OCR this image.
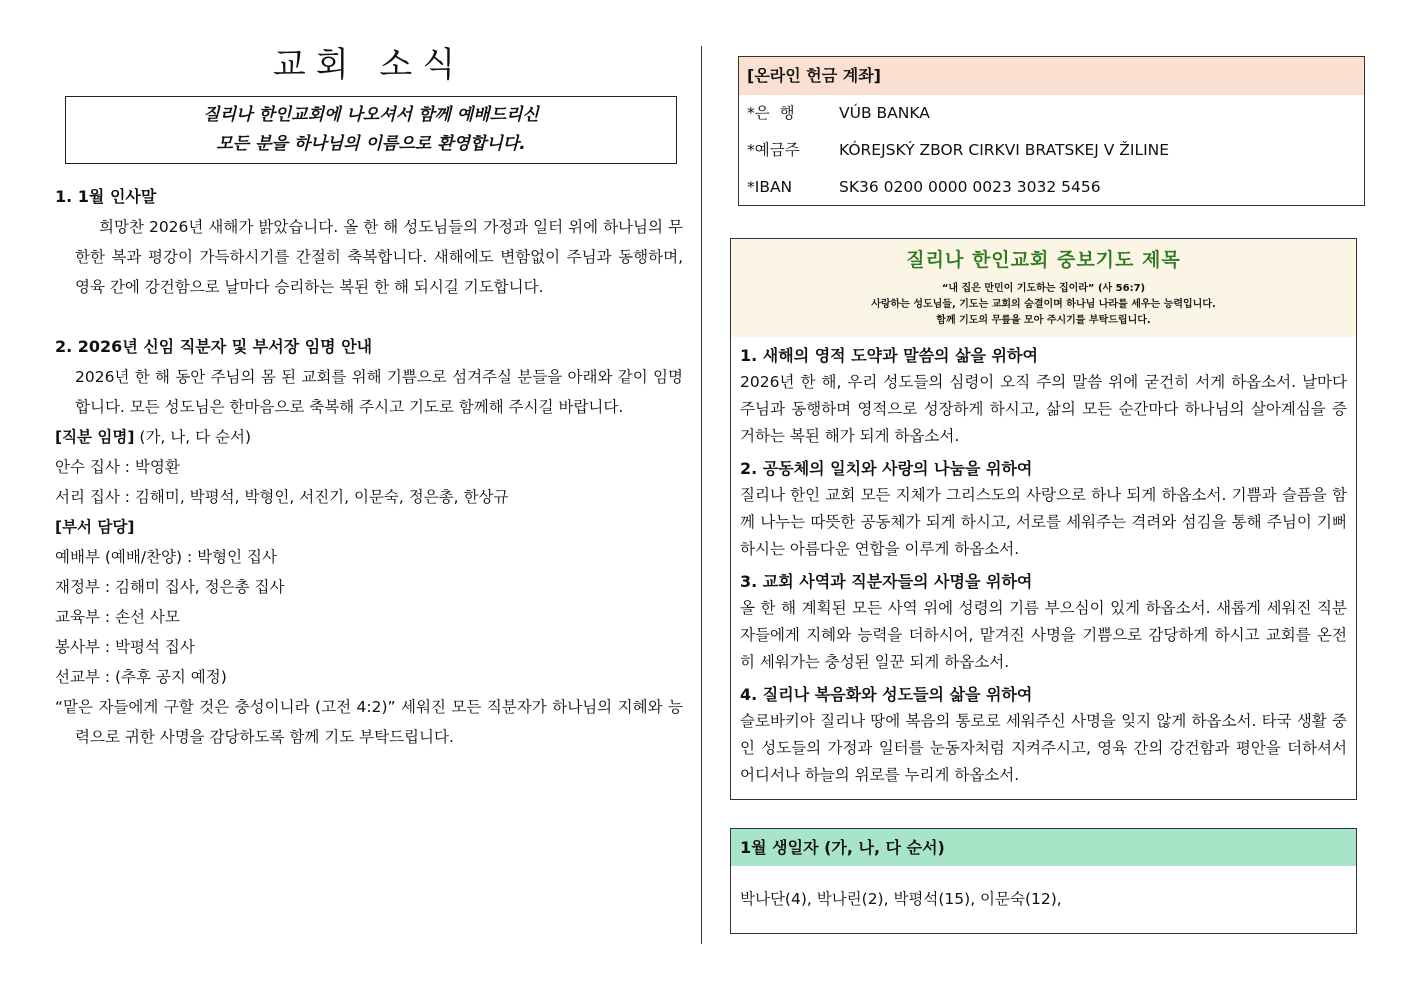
교회 소식
질리나 한인교회에 나오셔서 함께 예배드리신
모든 분을 하나님의 이름으로 환영합니다.
1. 1월 인사말
희망찬 2026년 새해가 밝았습니다. 올 한 해 성도님들의 가정과 일터 위에 하나님의 무한한 복과 평강이 가득하시기를 간절히 축복합니다. 새해에도 변함없이 주님과 동행하며, 영육 간에 강건함으로 날마다 승리하는 복된 한 해 되시길 기도합니다.
2. 2026년 신임 직분자 및 부서장 임명 안내
2026년 한 해 동안 주님의 몸 된 교회를 위해 기쁨으로 섬겨주실 분들을 아래와 같이 임명합니다. 모든 성도님은 한마음으로 축복해 주시고 기도로 함께해 주시길 바랍니다.
[직분 임명] (가, 나, 다 순서)
안수 집사 : 박영환
서리 집사 : 김해미, 박평석, 박형인, 서진기, 이문숙, 정은총, 한상규
[부서 담당]
예배부 (예배/찬양) : 박형인 집사
재정부 : 김해미 집사, 정은총 집사
교육부 : 손선 사모
봉사부 : 박평석 집사
선교부 : (추후 공지 예정)
“맡은 자들에게 구할 것은 충성이니라 (고전 4:2)” 세워진 모든 직분자가 하나님의 지혜와 능력으로 귀한 사명을 감당하도록 함께 기도 부탁드립니다.
[온라인 헌금 계좌]
*은  행	VÚB BANKA
*예금주	KÓREJSKÝ ZBOR CIRKVI BRATSKEJ V ŽILINE
*IBAN	SK36 0200 0000 0023 3032 5456
질리나 한인교회 중보기도 제목
“내 집은 만민이 기도하는 집이라” (사 56:7)
사랑하는 성도님들, 기도는 교회의 숨결이며 하나님 나라를 세우는 능력입니다.
함께 기도의 무릎을 모아 주시기를 부탁드립니다.
1. 새해의 영적 도약과 말씀의 삶을 위하여
2026년 한 해, 우리 성도들의 심령이 오직 주의 말씀 위에 굳건히 서게 하옵소서. 날마다 주님과 동행하며 영적으로 성장하게 하시고, 삶의 모든 순간마다 하나님의 살아계심을 증거하는 복된 해가 되게 하옵소서.
2. 공동체의 일치와 사랑의 나눔을 위하여
질리나 한인 교회 모든 지체가 그리스도의 사랑으로 하나 되게 하옵소서. 기쁨과 슬픔을 함께 나누는 따뜻한 공동체가 되게 하시고, 서로를 세워주는 격려와 섬김을 통해 주님이 기뻐하시는 아름다운 연합을 이루게 하옵소서.
3. 교회 사역과 직분자들의 사명을 위하여
올 한 해 계획된 모든 사역 위에 성령의 기름 부으심이 있게 하옵소서. 새롭게 세워진 직분자들에게 지혜와 능력을 더하시어, 맡겨진 사명을 기쁨으로 감당하게 하시고 교회를 온전히 세워가는 충성된 일꾼 되게 하옵소서.
4. 질리나 복음화와 성도들의 삶을 위하여
슬로바키아 질리나 땅에 복음의 통로로 세워주신 사명을 잊지 않게 하옵소서. 타국 생활 중인 성도들의 가정과 일터를 눈동자처럼 지켜주시고, 영육 간의 강건함과 평안을 더하셔서 어디서나 하늘의 위로를 누리게 하옵소서.
1월 생일자 (가, 나, 다 순서)
박나단(4), 박나린(2), 박평석(15), 이문숙(12),
